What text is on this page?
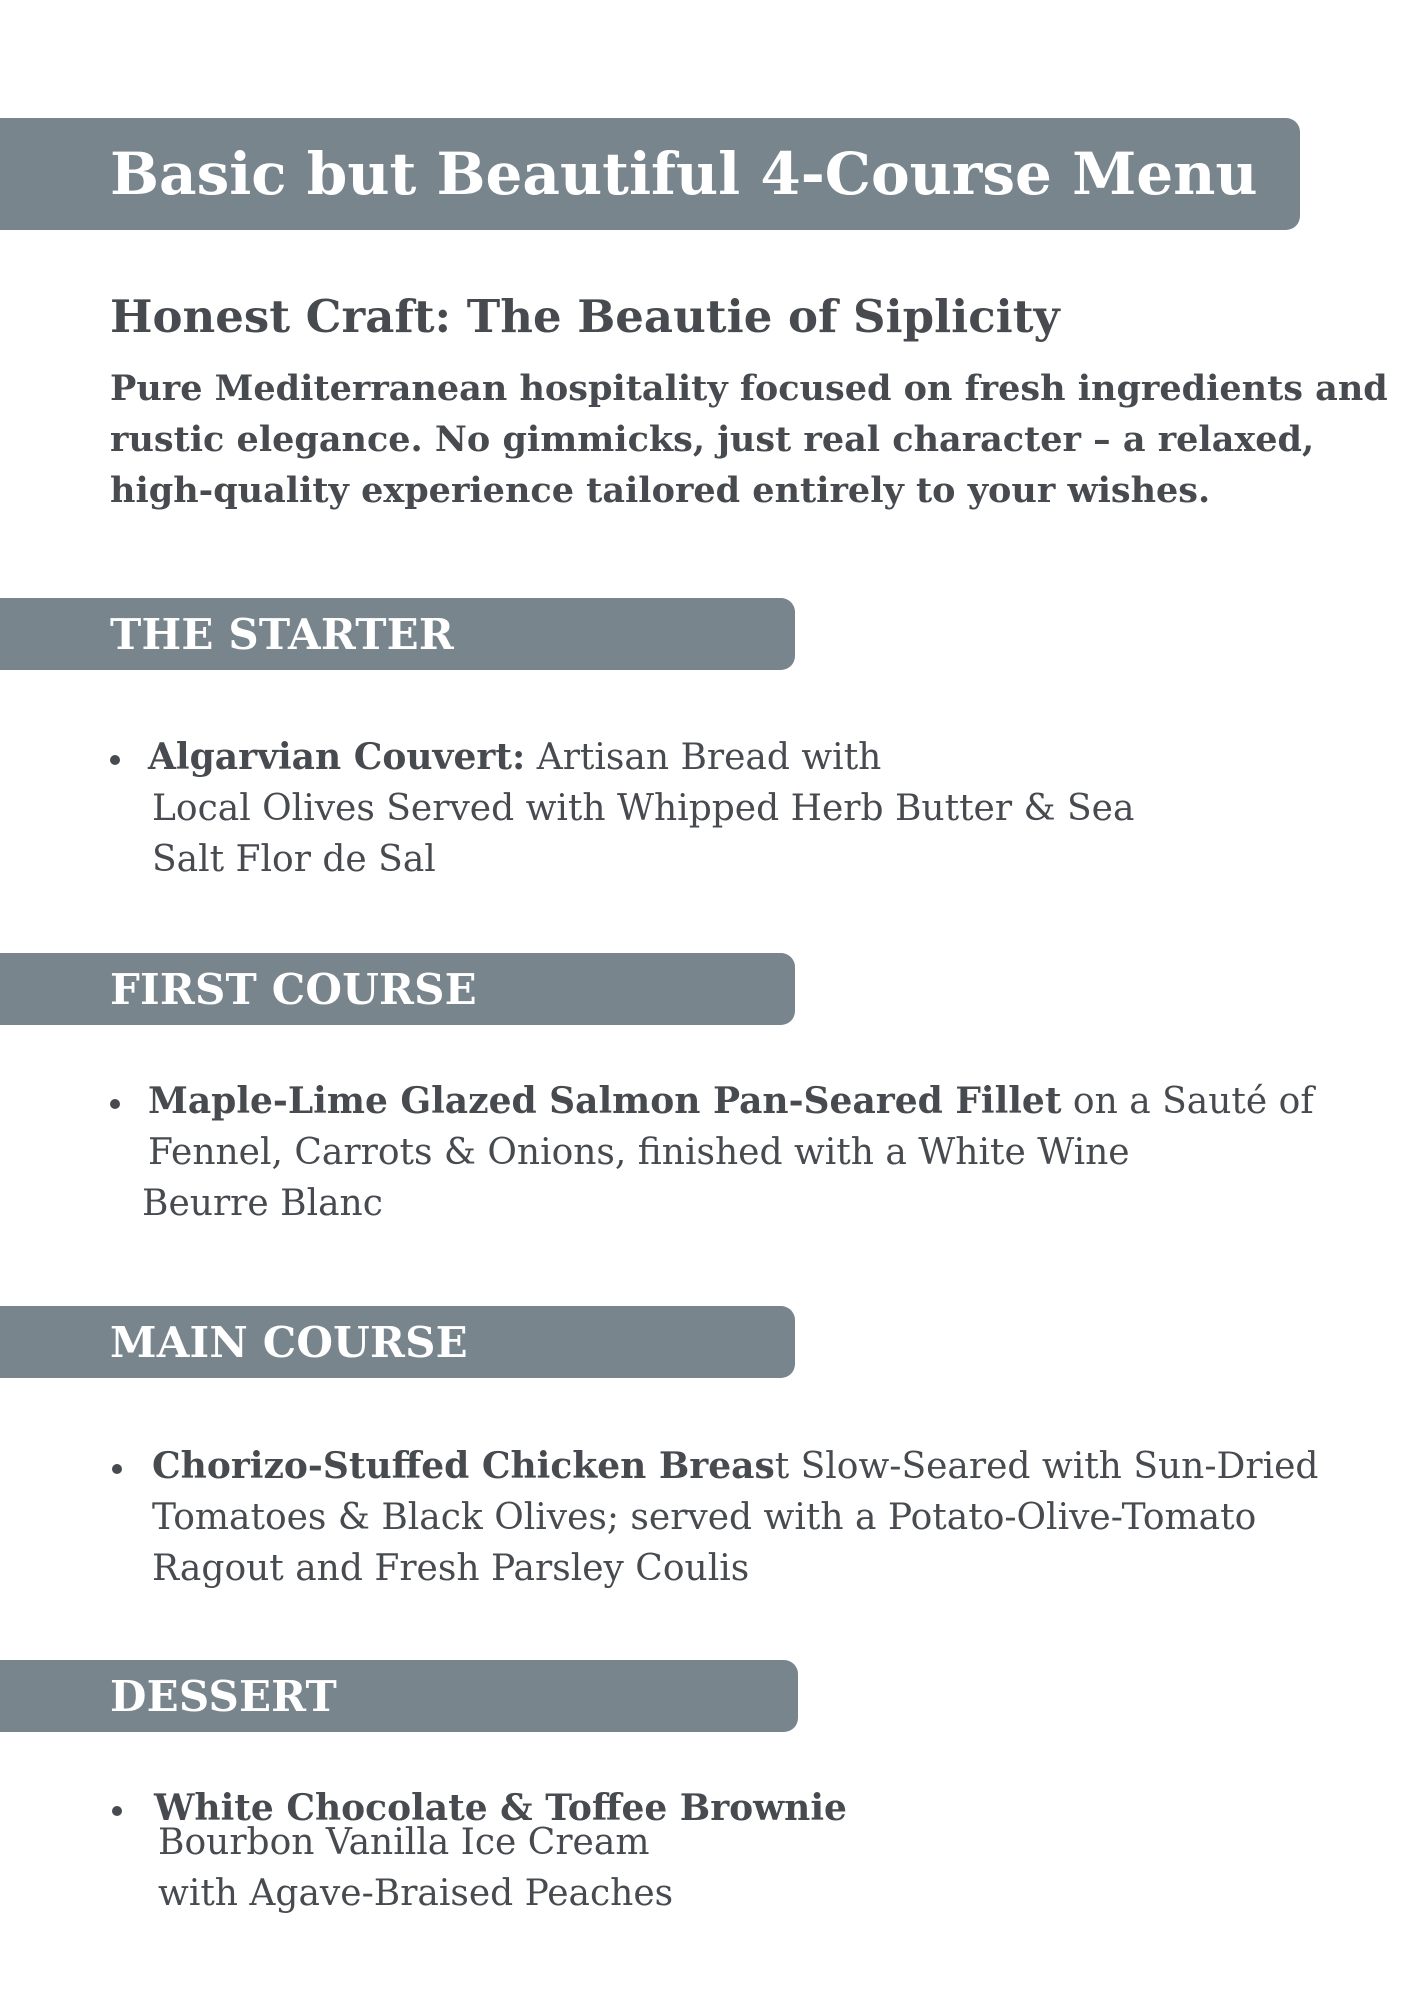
Basic but Beautiful 4-Course Menu
Honest Craft: The Beautie of Siplicity
Pure Mediterranean hospitality focused on fresh ingredients and
rustic elegance. No gimmicks, just real character – a relaxed,
high-quality experience tailored entirely to your wishes.
THE STARTER
Algarvian Couvert: Artisan Bread with
Local Olives Served with Whipped Herb Butter & Sea
Salt Flor de Sal
FIRST COURSE
Maple-Lime Glazed Salmon Pan-Seared Fillet on a Sauté of
Fennel, Carrots & Onions, finished with a White Wine
Beurre Blanc
MAIN COURSE
Chorizo-Stuffed Chicken Breast Slow-Seared with Sun-Dried
Tomatoes & Black Olives; served with a Potato-Olive-Tomato
Ragout and Fresh Parsley Coulis
DESSERT
White Chocolate & Toffee Brownie
Bourbon Vanilla Ice Cream
with Agave-Braised Peaches
